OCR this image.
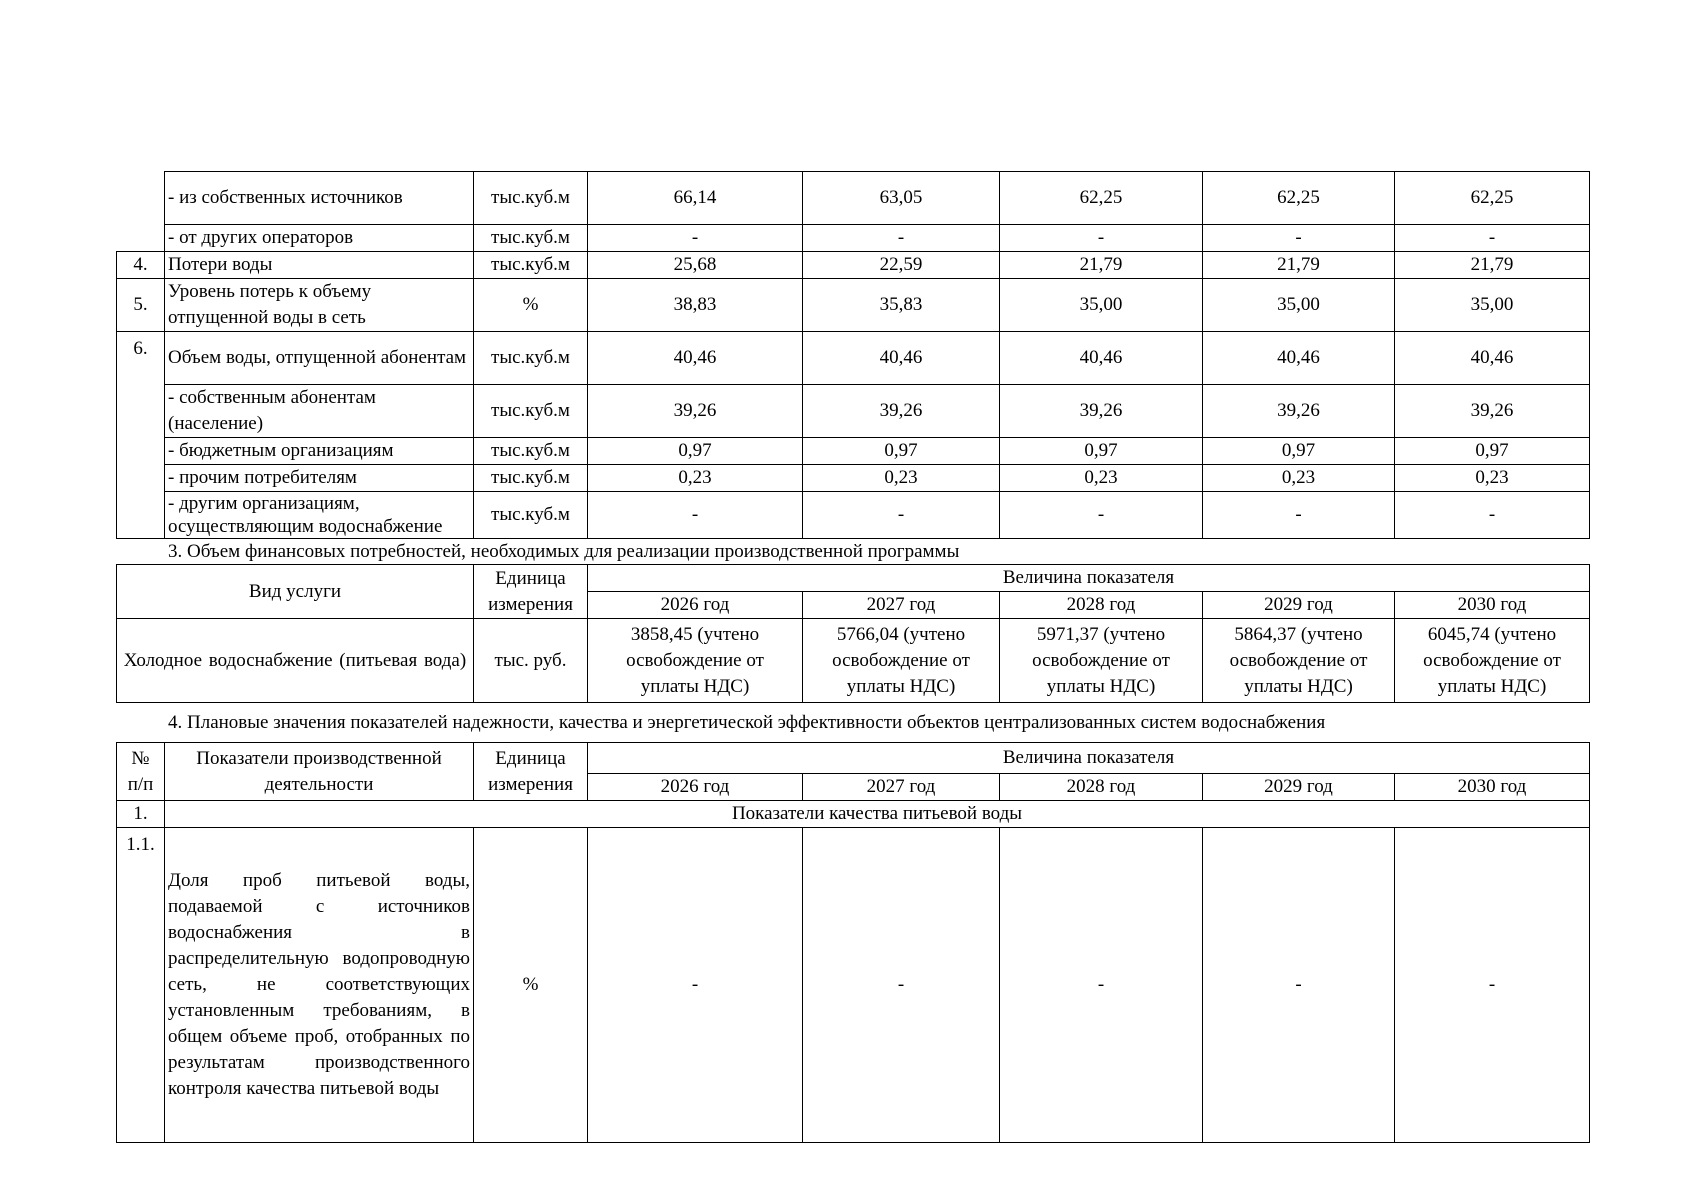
	- из собственных источников	тыс.куб.м	66,14	63,05	62,25	62,25	62,25
	- от других операторов	тыс.куб.м	-	-	-	-	-
4.	Потери воды	тыс.куб.м	25,68	22,59	21,79	21,79	21,79
5.	Уровень потерь к объему отпущенной воды в сеть	%	38,83	35,83	35,00	35,00	35,00
6.	Объем воды, отпущенной абонентам	тыс.куб.м	40,46	40,46	40,46	40,46	40,46
	- собственным абонентам (население)	тыс.куб.м	39,26	39,26	39,26	39,26	39,26
	- бюджетным организациям	тыс.куб.м	0,97	0,97	0,97	0,97	0,97
	- прочим потребителям	тыс.куб.м	0,23	0,23	0,23	0,23	0,23
	- другим организациям, осуществляющим водоснабжение	тыс.куб.м	-	-	-	-	-
3. Объем финансовых потребностей, необходимых для реализации производственной программы
Вид услуги	Единица измерения	Величина показателя				
		2026 год	2027 год	2028 год	2029 год	2030 год
Холодное водоснабжение (питьевая вода)	тыс. руб.	3858,45 (учтено освобождение от уплаты НДС)	5766,04 (учтено освобождение от уплаты НДС)	5971,37 (учтено освобождение от уплаты НДС)	5864,37 (учтено освобождение от уплаты НДС)	6045,74 (учтено освобождение от уплаты НДС)
4. Плановые значения показателей надежности, качества и энергетической эффективности объектов централизованных систем водоснабжения
№ п/п	Показатели производственной деятельности	Единица измерения	Величина показателя				
			2026 год	2027 год	2028 год	2029 год	2030 год
1.	Показатели качества питьевой воды						
1.1.	Доля проб питьевой воды, подаваемой с источников водоснабжения в распределительную водопроводную сеть, не соответствующих установленным требованиям, в общем объеме проб, отобранных по результатам производственного контроля качества питьевой воды	%	-	-	-	-	-
